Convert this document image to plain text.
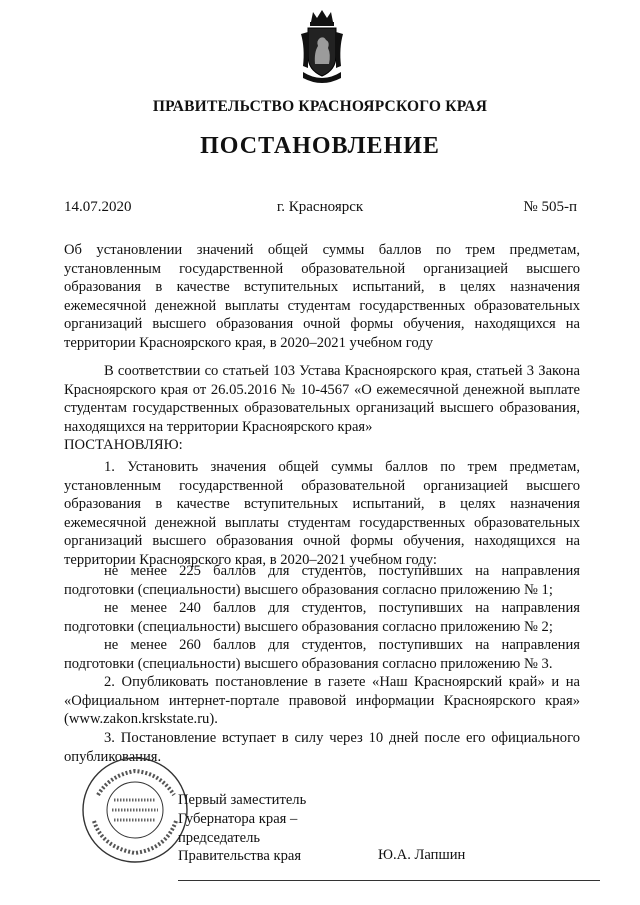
ПРАВИТЕЛЬСТВО КРАСНОЯРСКОГО КРАЯ
ПОСТАНОВЛЕНИЕ
14.07.2020	г. Красноярск	№ 505-п
Об установлении значений общей суммы баллов по трем предметам, установленным государственной образовательной организацией высшего образования в качестве вступительных испытаний, в целях назначения ежемесячной денежной выплаты студентам государственных образовательных организаций высшего образования очной формы обучения, находящихся на территории Красноярского края, в 2020–2021 учебном году
В соответствии со статьей 103 Устава Красноярского края, статьей 3 Закона Красноярского края от 26.05.2016 № 10-4567 «О ежемесячной денежной выплате студентам государственных образовательных организаций высшего образования, находящихся на территории Красноярского края»
ПОСТАНОВЛЯЮ:
1. Установить значения общей суммы баллов по трем предметам, установленным государственной образовательной организацией высшего образования в качестве вступительных испытаний, в целях назначения ежемесячной денежной выплаты студентам государственных образовательных организаций высшего образования очной формы обучения, находящихся на территории Красноярского края, в 2020–2021 учебном году:
не менее 225 баллов для студентов, поступивших на направления подготовки (специальности) высшего образования согласно приложению № 1;
не менее 240 баллов для студентов, поступивших на направления подготовки (специальности) высшего образования согласно приложению № 2;
не менее 260 баллов для студентов, поступивших на направления подготовки (специальности) высшего образования согласно приложению № 3.
2. Опубликовать постановление в газете «Наш Красноярский край» и на «Официальном интернет-портале правовой информации Красноярского края» (www.zakon.krskstate.ru).
3. Постановление вступает в силу через 10 дней после его официального опубликования.
Первый заместитель
Губернатора края –
председатель
Правительства края	Ю.А. Лапшин
